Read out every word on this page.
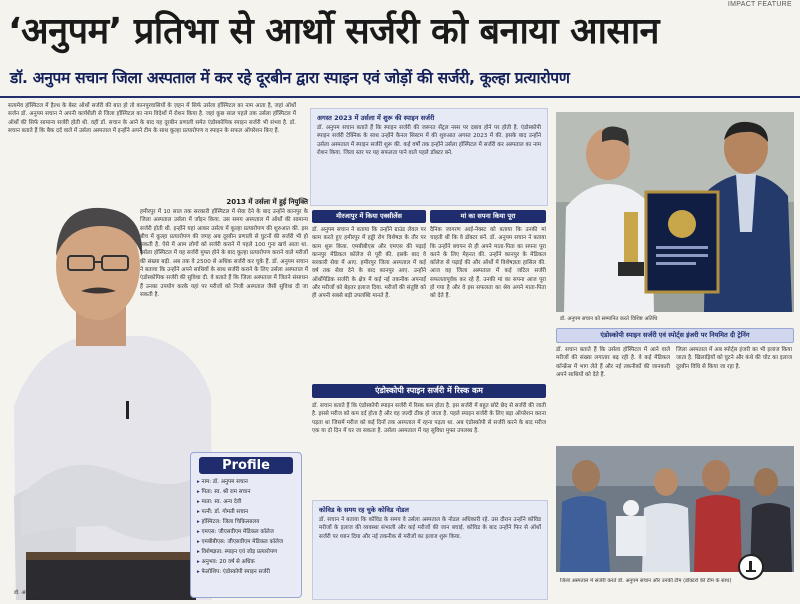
IMPACT FEATURE
‘अनुपम’ प्रतिभा से आर्थो सर्जरी को बनाया आसान
डॉ. अनुपम सचान जिला अस्पताल में कर रहे दूरबीन द्वारा स्पाइन एवं जोड़ों की सर्जरी, कूल्हा प्रत्यारोपण
सत्यमेव हॉस्पिटल में हैल्थ के बेस्ट ऑर्थो सर्जरी की बात हो तो कानपुरवासियों के ज़हन में सिर्फ उर्सला हॉस्पिटल का नाम आता है, जहां ऑर्थो सर्जन डॉ. अनुपम सचान ने अपनी कार्यशैली से जिला हॉस्पिटल का नाम विदेशों में रोशन किया है. जहां कुछ साल पहले तक उर्सला हॉस्पिटल में ऑर्थो की सिर्फ सामान्य सर्जरी होती थी. वहीं डॉ. सचान के आने के बाद यह दूरबीन प्रणाली समेत एंडोस्कोपिक स्पाइन सर्जरी भी संभव है. डॉ. सचान बताते हैं कि बैक दर्द वाले में उर्सला अस्पताल में इन्होंने अपने टीम के साथ कूल्हा प्रत्यारोपण व स्पाइन के सफल ऑपरेशन किए हैं.
डॉ. अनुपम सचान
2013 में उर्सला में हुई नियुक्ति
हमीरपुर में 10 साल तक सरकारी हॉस्पिटल में सेवा देने के बाद उन्होंने कानपुर के जिला अस्पताल उर्सला में जॉइन किया. उस समय अस्पताल में ऑर्थो की सामान्य सर्जरी होती थी. इन्होंने यहां आकर उर्सला में कूल्हा प्रत्यारोपण की शुरुआत की. इस बीच में कूल्हा प्रत्यारोपण की जगह अब दूरबीन प्रणाली से घुटनों की सर्जरी भी हो सकती है. ऐसे में आम लोगों को सर्जरी कराने में पहले 100 गुना खर्च आता था. उर्सला हॉस्पिटल में यह सर्जरी मुफ्त होने के बाद कूल्हा प्रत्यारोपण कराने वाले मरीजों की संख्या बढ़ी. अब तक वे 2500 से अधिक सर्जरी कर चुके हैं. डॉ. अनुपम सचान ने बताया कि उन्होंने अपने साथियों के साथ सर्जरी कराने के लिए उर्सला अस्पताल में एंडोस्कोपिक सर्जरी की सुविधा दी. वे बताते हैं कि जिला अस्पताल में जितने संसाधन हैं उनका उपयोग करके यहां पर मरीजों को निजी अस्पताल जैसी सुविधा दी जा सकती है.
Profile
▸ नाम: डॉ. अनुपम सचान
▸ पिता: स्व. श्री राम सचान
▸ माता: स्व. अन्य देवी
▸ पत्नी: डॉ. गोमती सचान
▸ हॉस्पिटल: जिला चिकित्सालय
▸ एमएस: जीएसवीएम मेडिकल कॉलेज
▸ एमबीबीएस: जीएसवीएम मेडिकल कॉलेज
▸ विशेषज्ञता: स्पाइन एवं जोड़ प्रत्यारोपण
▸ अनुभव: 20 वर्ष से अधिक
▸ फेलोशिप: एंडोस्कोपी स्पाइन सर्जरी
अगस्त 2023 में उर्सला में शुरू की स्पाइन सर्जरी
डॉ. अनुपम सचान बताते हैं कि स्पाइन सर्जरी की जरूरत सेंट्रल नस्स पर दबाव होने पर होती है. एंडोस्कोपी स्पाइन सर्जरी टेक्निक के साथ उन्होंने कैनल सिस्टम में की शुरुआत अगस्त 2023 में की. इसके बाद उन्होंने उर्सला अस्पताल में स्पाइन सर्जरी शुरू की. कई वर्षों तक इन्होंने उर्सला हॉस्पिटल में सर्जरी कर अस्पताल का नाम रोशन किया. जिला स्तर पर यह सफलता पाने वाले पहले डॉक्टर बने.
मीरजापुर में किया एक्सीलेंस
डॉ. अनुपम सचान ने बताया कि उन्होंने ग्राउंड लेवल पर काम करते हुए हमीरपुर में हड्डी रोग विशेषज्ञ के तौर पर काम शुरू किया. एमबीबीएस और एमएस की पढ़ाई कानपुर मेडिकल कॉलेज से पूरी की. इसके बाद वे सरकारी सेवा में आए. हमीरपुर जिला अस्पताल में कई वर्ष तक सेवा देने के बाद कानपुर आए. उन्होंने ऑर्थोपेडिक सर्जरी के क्षेत्र में कई नई तकनीक अपनाईं और मरीजों को बेहतर इलाज दिया. मरीजों की संतुष्टि को ही अपनी सबसे बड़ी उपलब्धि मानते हैं.
मां का सपना किया पूरा
दैनिक जागरण आई-नेक्स्ट को बताया कि उनकी मां चाहती थीं कि वे डॉक्टर बनें. डॉ. अनुपम सचान ने बताया कि उन्होंने बचपन से ही अपने माता-पिता का सपना पूरा करने के लिए मेहनत की. उन्होंने कानपुर के मेडिकल कॉलेज से पढ़ाई की और ऑर्थो में विशेषज्ञता हासिल की. आज वह जिला अस्पताल में कई जटिल सर्जरी सफलतापूर्वक कर रहे हैं. उनकी मां का सपना आज पूरा हो गया है और वे इस सफलता का श्रेय अपने माता-पिता को देते हैं.
एंडोस्कोपी स्पाइन सर्जरी में रिस्क कम
डॉ. सचान बताते हैं कि एंडोस्कोपी स्पाइन सर्जरी में रिस्क कम होता है. इस सर्जरी में बहुत छोटे छेद से सर्जरी की जाती है. इससे मरीज को कम दर्द होता है और वह जल्दी ठीक हो जाता है. पहले स्पाइन सर्जरी के लिए बड़ा ऑपरेशन करना पड़ता था जिसमें मरीज को कई दिनों तक अस्पताल में रहना पड़ता था. अब एंडोस्कोपी से सर्जरी करने के बाद मरीज एक या दो दिन में घर जा सकता है. उर्सला अस्पताल में यह सुविधा मुफ्त उपलब्ध है.
कोविड के समय रह चुके कोविड नोडल
डॉ. सचान ने बताया कि कोविड के समय वे उर्सला अस्पताल के नोडल अधिकारी रहे. उस दौरान उन्होंने कोविड मरीजों के इलाज की व्यवस्था संभाली और कई मरीजों की जान बचाई. कोविड के बाद उन्होंने फिर से ऑर्थो सर्जरी पर ध्यान दिया और नई तकनीक से मरीजों का इलाज शुरू किया.
डॉ. अनुपम सचान को सम्मानित करते विशिष्ट अतिथि
एंडोस्कोपी स्पाइन सर्जरी एवं स्पोर्ट्स इंजरी पर नियमित दी ट्रेनिंग
डॉ. सचान बताते हैं कि उर्सला हॉस्पिटल में आने वाले मरीजों की संख्या लगातार बढ़ रही है. वे कई मेडिकल कॉन्फ्रेंस में भाग लेते हैं और नई तकनीकों की जानकारी अपने साथियों को देते हैं.
जिला अस्पताल में अब स्पोर्ट्स इंजरी का भी इलाज किया जाता है. खिलाड़ियों को घुटने और कंधे की चोट का इलाज दूरबीन विधि से किया जा रहा है.
जिला अस्पताल में सर्जरी करते डॉ. अनुपम सचान और उनकी टीम (डॉक्टरों की टीम के साथ)
